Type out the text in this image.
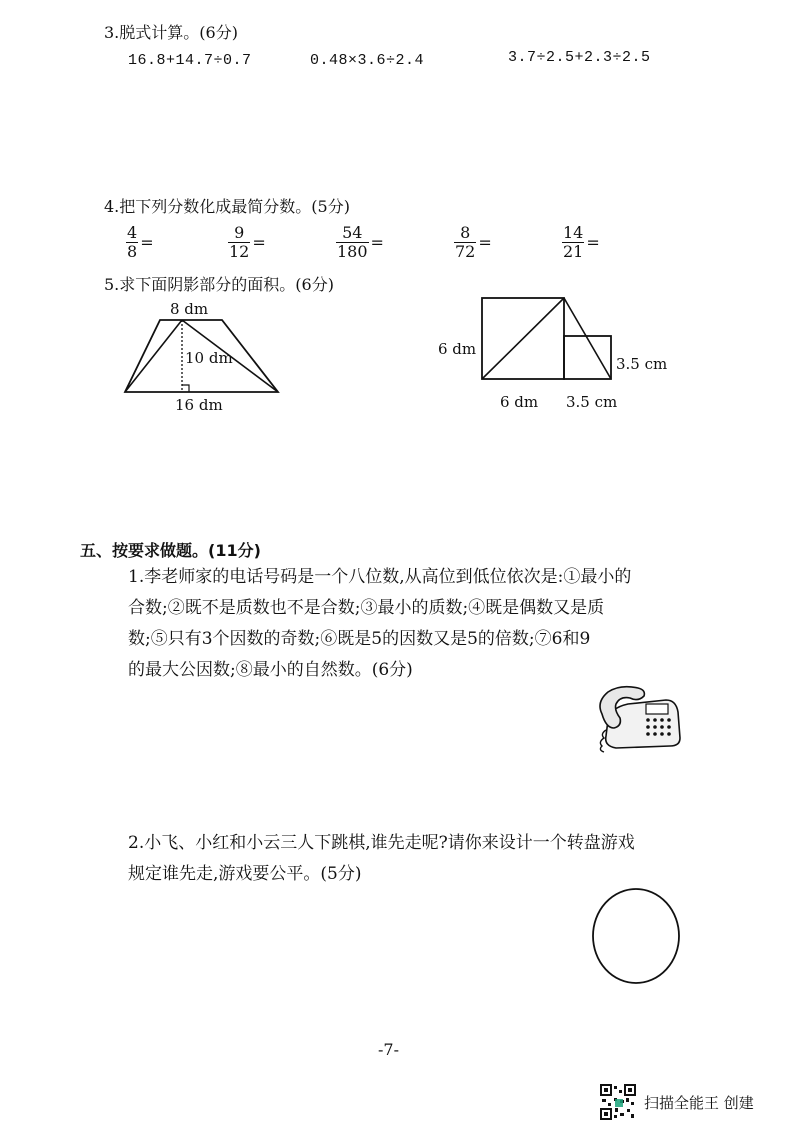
3.脱式计算。(6分)
16.8+14.7÷0.7	0.48×3.6÷2.4	3.7÷2.5+2.3÷2.5
4.把下列分数化成最简分数。(5分)
$\frac{4}{8}$ =	$\frac{9}{12}$ =	$\frac{54}{180}$ =	$\frac{8}{72}$ =	$\frac{14}{21}$ =
5.求下面阴影部分的面积。(6分)
8 dm
10 dm
16 dm
6 dm
6 dm 3.5 cm
3.5 cm
五、按要求做题。(11分)
1.李老师家的电话号码是一个八位数,从高位到低位依次是:①最小的
合数;②既不是质数也不是合数;③最小的质数;④既是偶数又是质
数;⑤只有3个因数的奇数;⑥既是5的因数又是5的倍数;⑦6和9
的最大公因数;⑧最小的自然数。(6分)
2.小飞、小红和小云三人下跳棋,谁先走呢?请你来设计一个转盘游戏
规定谁先走,游戏要公平。(5分)
-7-
扫描全能王 创建
